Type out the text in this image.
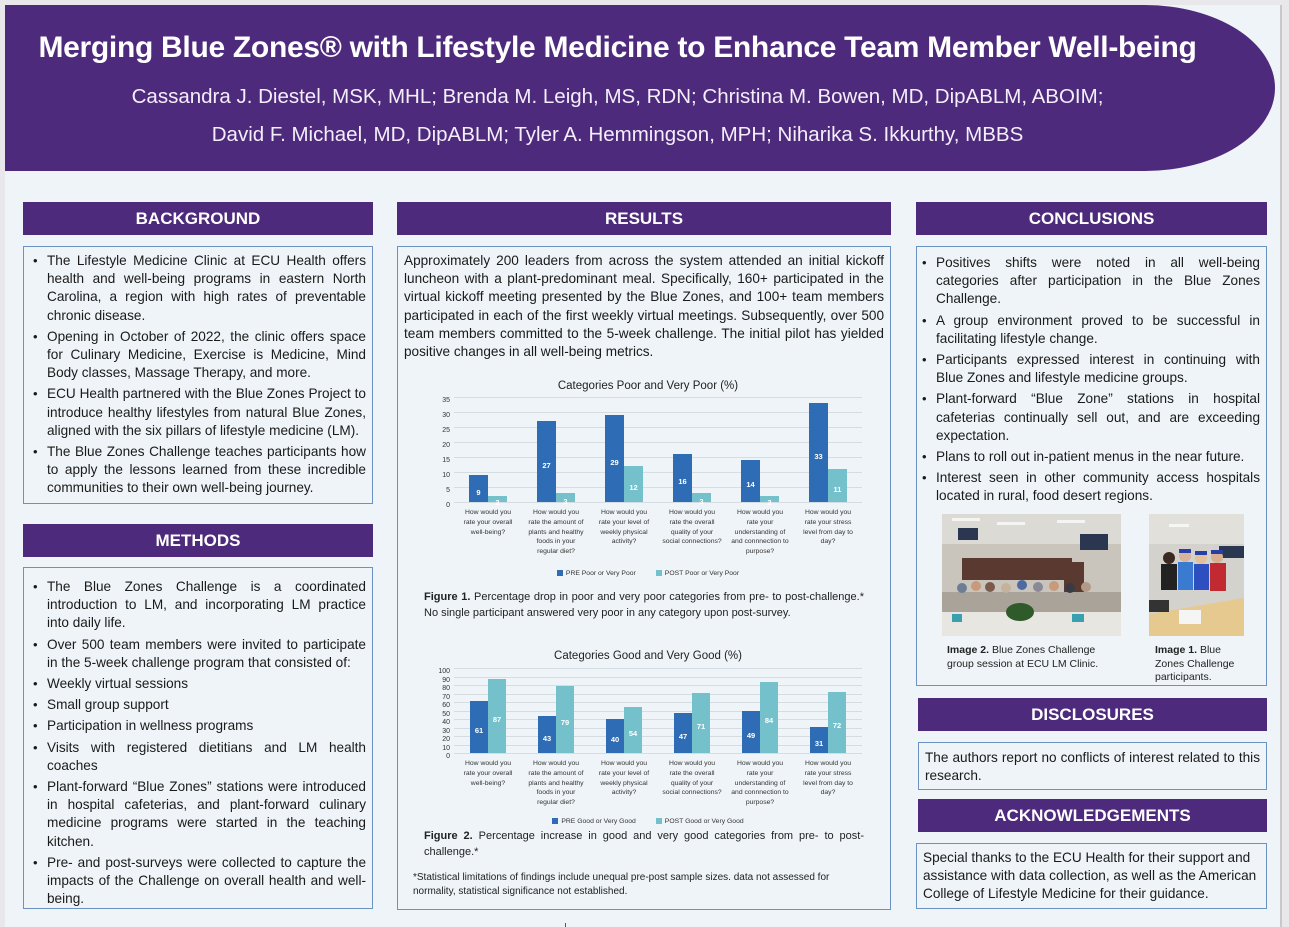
Merging Blue Zones® with Lifestyle Medicine to Enhance Team Member Well-being
Cassandra J. Diestel, MSK, MHL; Brenda M. Leigh, MS, RDN; Christina M. Bowen, MD, DipABLM, ABOIM;
David F. Michael, MD, DipABLM; Tyler A. Hemmingson, MPH; Niharika S. Ikkurthy, MBBS
BACKGROUND
• The Lifestyle Medicine Clinic at ECU Health offers health and well-being programs in eastern North Carolina, a region with high rates of preventable chronic disease.
• Opening in October of 2022, the clinic offers space for Culinary Medicine, Exercise is Medicine, Mind Body classes, Massage Therapy, and more.
• ECU Health partnered with the Blue Zones Project to introduce healthy lifestyles from natural Blue Zones, aligned with the six pillars of lifestyle medicine (LM).
• The Blue Zones Challenge teaches participants how to apply the lessons learned from these incredible communities to their own well-being journey.
METHODS
• The Blue Zones Challenge is a coordinated introduction to LM, and incorporating LM practice into daily life.
• Over 500 team members were invited to participate in the 5-week challenge program that consisted of:
• Weekly virtual sessions
• Small group support
• Participation in wellness programs
• Visits with registered dietitians and LM health coaches
• Plant-forward “Blue Zones” stations were introduced in hospital cafeterias, and plant-forward culinary medicine programs were started in the teaching kitchen.
• Pre- and post-surveys were collected to capture the impacts of the Challenge on overall health and well-being.
RESULTS
Approximately 200 leaders from across the system attended an initial kickoff luncheon with a plant-predominant meal. Specifically, 160+ participated in the virtual kickoff meeting presented by the Blue Zones, and 100+ team members participated in each of the first weekly virtual meetings. Subsequently, over 500 team members committed to the 5-week challenge. The initial pilot has yielded positive changes in all well-being metrics.
Categories Poor and Very Poor (%)
9
2
27
3
29
12
16
3
14
2
33
11
0
5
10
15
20
25
30
35
How would you
rate your overall
well-being?
How would you
rate the amount of
plants and healthy
foods in your
regular diet?
How would you
rate your level of
weekly physical
activity?
How would you
rate the overall
quality of your
social connections?
How would you
rate your
understanding of
and connnection to
purpose?
How would you
rate your stress
level from day to
day?
PRE Poor or Very Poor	POST Poor or Very Poor
Figure 1. Percentage drop in poor and very poor categories from pre- to post-challenge.* No single participant answered very poor in any category upon post-survey.
Categories Good and Very Good (%)
61
87
43
79
40
54	47
71
49
84
31
72
0
10
20
30
40
50
60
70
80
90
100
How would you
rate your overall
well-being?
How would you
rate the amount of
plants and healthy
foods in your
regular diet?
How would you
rate your level of
weekly physical
activity?
How would you
rate the overall
quality of your
social connections?
How would you
rate your
understanding of
and connnection to
purpose?
How would you
rate your stress
level from day to
day?
PRE Good or Very Good	POST Good or Very Good
Figure 2. Percentage increase in good and very good categories from pre- to post-challenge.*
*Statistical limitations of findings include unequal pre-post sample sizes. data not assessed for normality, statistical significance not established.
CONCLUSIONS
• Positives shifts were noted in all well-being categories after participation in the Blue Zones Challenge.
• A group environment proved to be successful in facilitating lifestyle change.
• Participants expressed interest in continuing with Blue Zones and lifestyle medicine groups.
• Plant-forward “Blue Zone” stations in hospital cafeterias continually sell out, and are exceeding expectation.
• Plans to roll out in-patient menus in the near future.
• Interest seen in other community access hospitals located in rural, food desert regions.
Image 2. Blue Zones Challenge group session at ECU LM Clinic.
Image 1. Blue Zones Challenge participants.
DISCLOSURES
The authors report no conflicts of interest related to this research.
ACKNOWLEDGEMENTS
Special thanks to the ECU Health for their support and assistance with data collection, as well as the American College of Lifestyle Medicine for their guidance.
